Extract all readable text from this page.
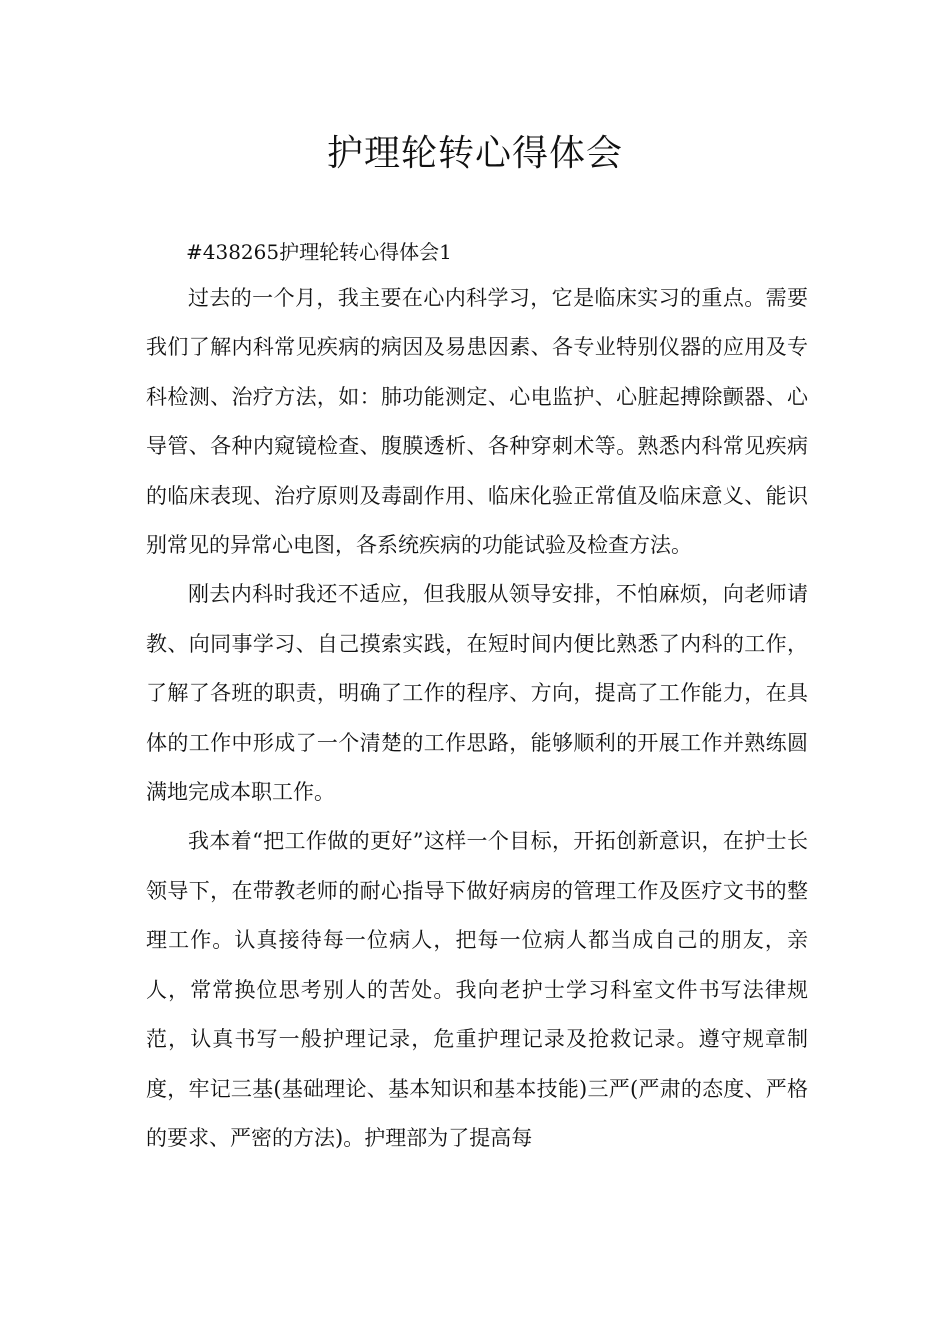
护理轮转心得体会

#438265护理轮转心得体会1

过去的一个月，我主要在心内科学习，它是临床实习的重点。需要我们了解内科常见疾病的病因及易患因素、各专业特别仪器的应用及专科检测、治疗方法，如：肺功能测定、心电监护、心脏起搏除颤器、心导管、各种内窥镜检查、腹膜透析、各种穿刺术等。熟悉内科常见疾病的临床表现、治疗原则及毒副作用、临床化验正常值及临床意义、能识别常见的异常心电图，各系统疾病的功能试验及检查方法。

刚去内科时我还不适应，但我服从领导安排，不怕麻烦，向老师请教、向同事学习、自己摸索实践，在短时间内便比熟悉了内科的工作，了解了各班的职责，明确了工作的程序、方向，提高了工作能力，在具体的工作中形成了一个清楚的工作思路，能够顺利的开展工作并熟练圆满地完成本职工作。

我本着“把工作做的更好”这样一个目标，开拓创新意识，在护士长领导下，在带教老师的耐心指导下做好病房的管理工作及医疗文书的整理工作。认真接待每一位病人，把每一位病人都当成自己的朋友，亲人，常常换位思考别人的苦处。我向老护士学习科室文件书写法律规范，认真书写一般护理记录，危重护理记录及抢救记录。遵守规章制度，牢记三基(基础理论、基本知识和基本技能)三严(严肃的态度、严格的要求、严密的方法)。护理部为了提高每
